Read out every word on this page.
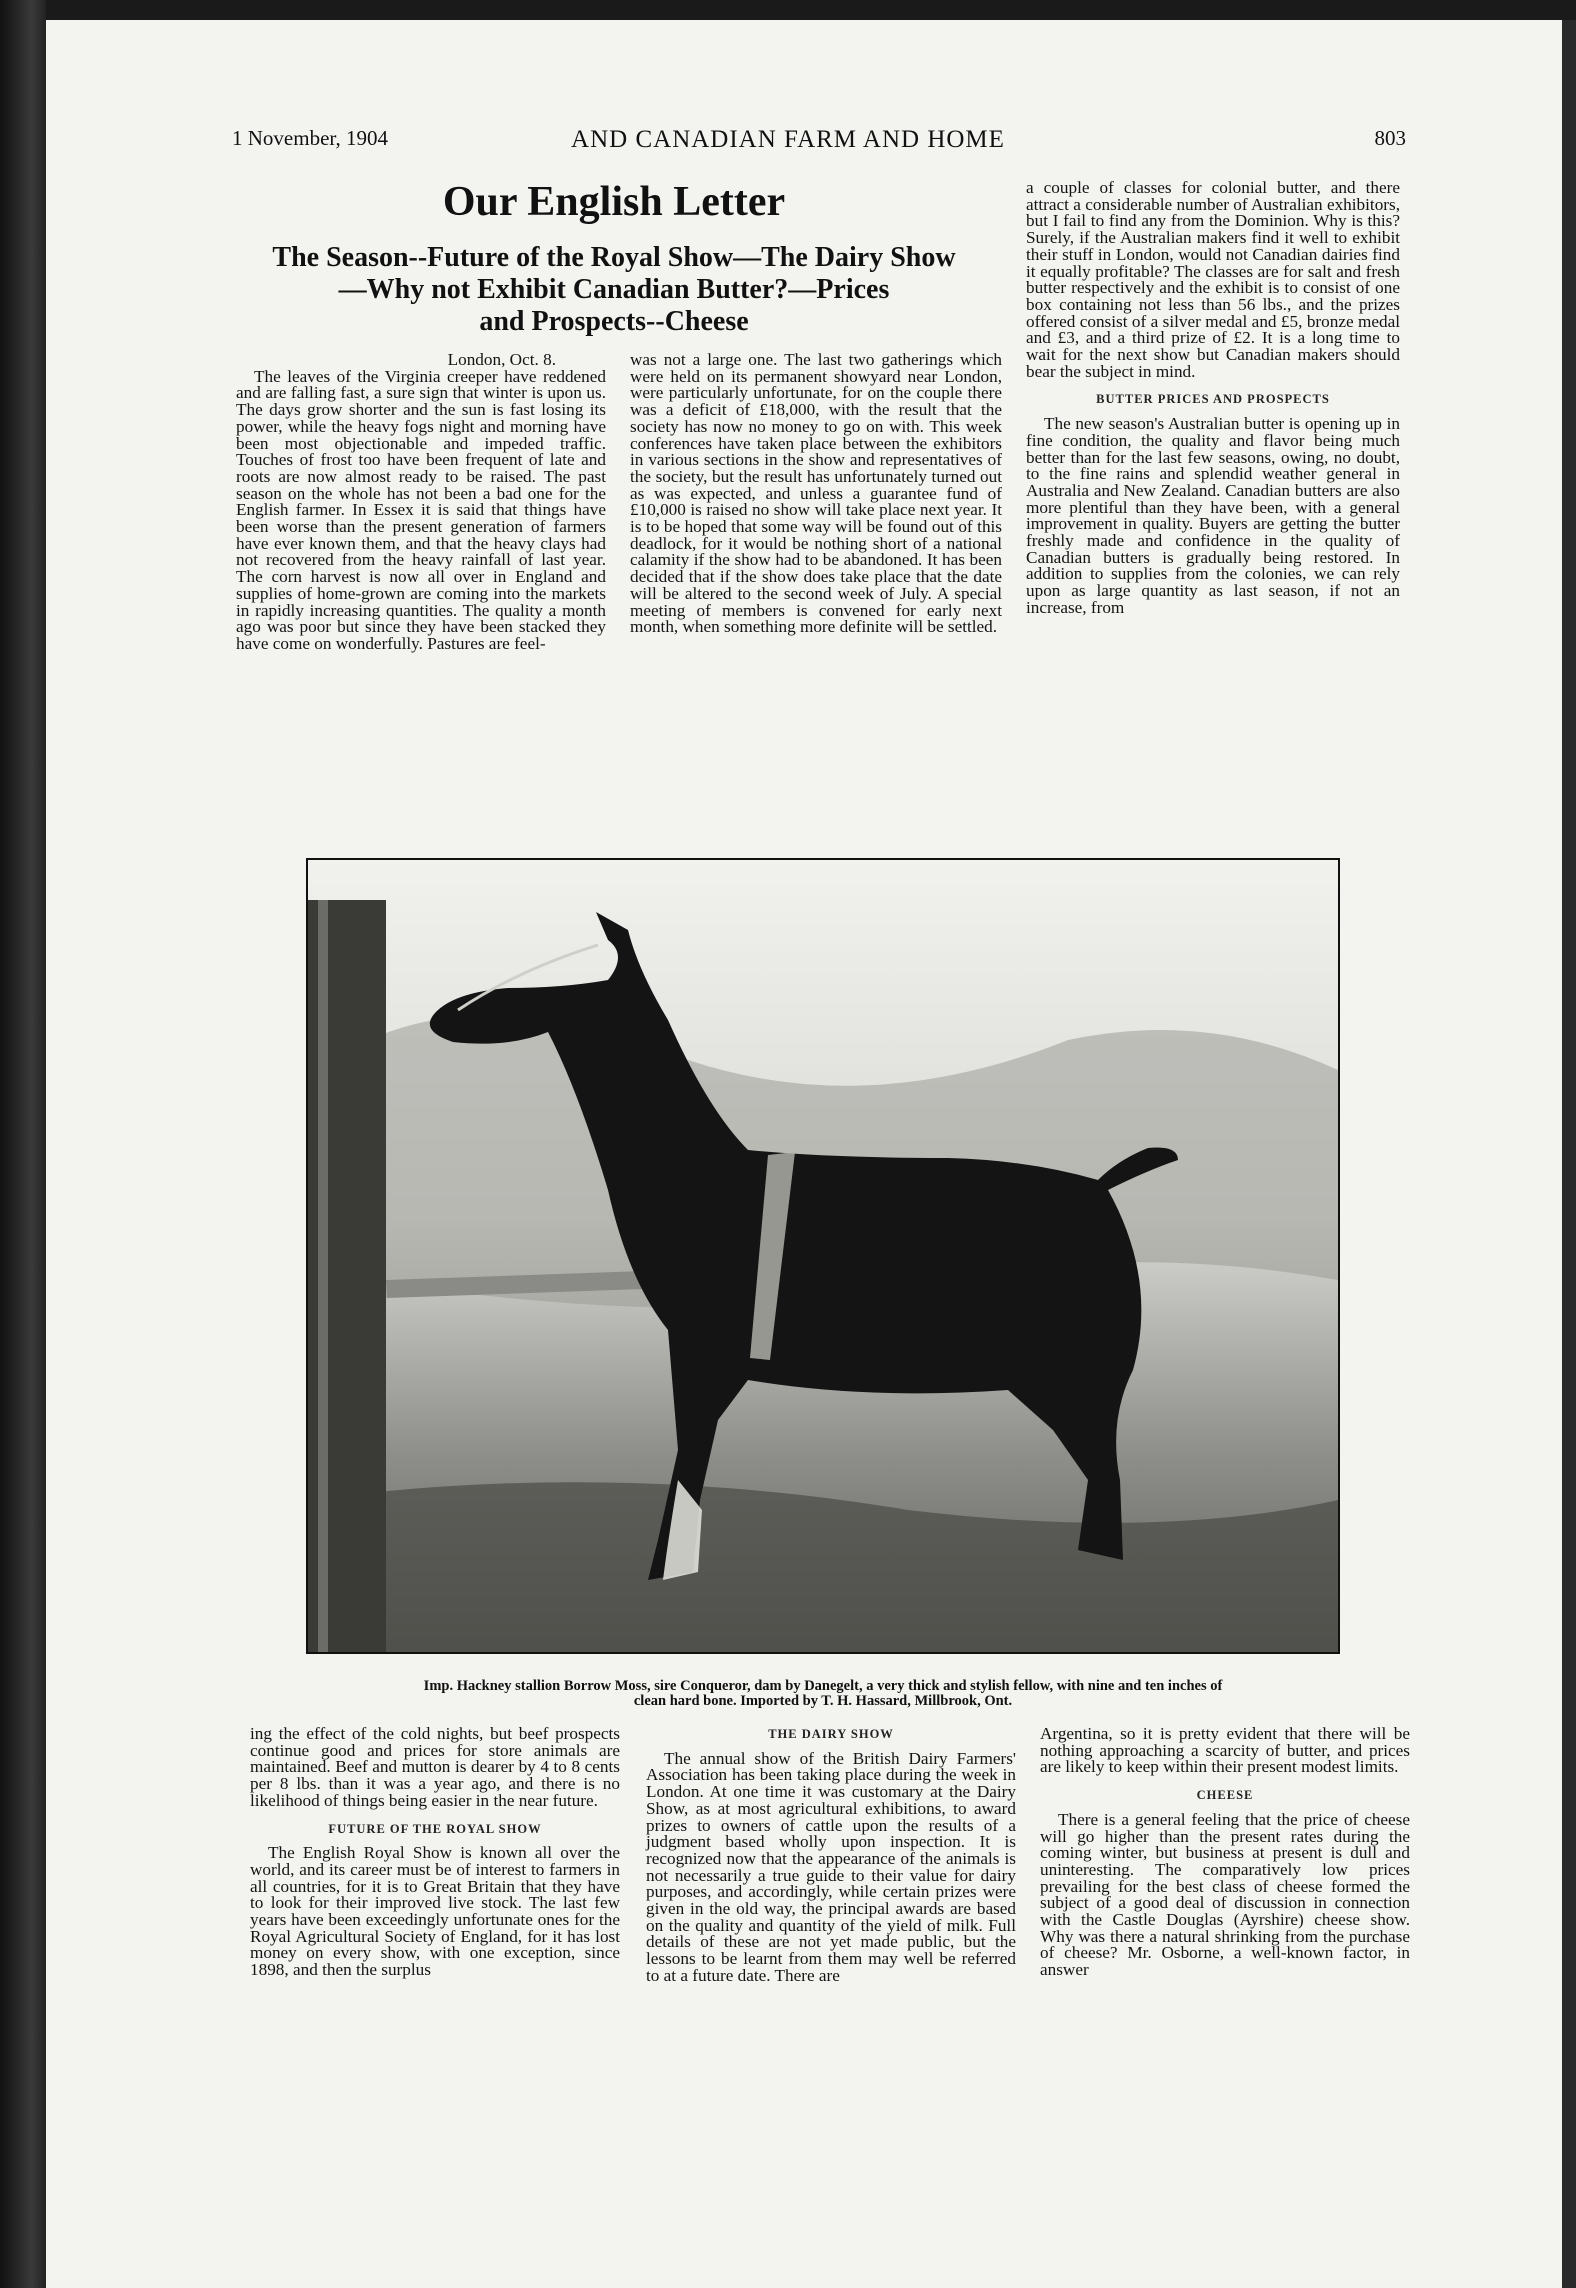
1 November, 1904	AND CANADIAN FARM AND HOME	803
Our English Letter
The Season--Future of the Royal Show—The Dairy Show
—Why not Exhibit Canadian Butter?—Prices
and Prospects--Cheese

London, Oct. 8.

The leaves of the Virginia creeper have reddened and are falling fast, a sure sign that winter is upon us. The days grow shorter and the sun is fast losing its power, while the heavy fogs night and morning have been most objectionable and impeded traffic. Touches of frost too have been frequent of late and roots are now almost ready to be raised. The past season on the whole has not been a bad one for the English farmer. In Essex it is said that things have been worse than the present generation of farmers have ever known them, and that the heavy clays had not recovered from the heavy rainfall of last year. The corn harvest is now all over in England and supplies of home-grown are coming into the markets in rapidly increasing quantities. The quality a month ago was poor but since they have been stacked they have come on wonderfully. Pastures are feel-

was not a large one. The last two gatherings which were held on its permanent showyard near London, were particularly unfortunate, for on the couple there was a deficit of £18,000, with the result that the society has now no money to go on with. This week conferences have taken place between the exhibitors in various sections in the show and representatives of the society, but the result has unfortunately turned out as was expected, and unless a guarantee fund of £10,000 is raised no show will take place next year. It is to be hoped that some way will be found out of this deadlock, for it would be nothing short of a national calamity if the show had to be abandoned. It has been decided that if the show does take place that the date will be altered to the second week of July. A special meeting of members is convened for early next month, when something more definite will be settled.

a couple of classes for colonial butter, and there attract a considerable number of Australian exhibitors, but I fail to find any from the Dominion. Why is this? Surely, if the Australian makers find it well to exhibit their stuff in London, would not Canadian dairies find it equally profitable? The classes are for salt and fresh butter respectively and the exhibit is to consist of one box containing not less than 56 lbs., and the prizes offered consist of a silver medal and £5, bronze medal and £3, and a third prize of £2. It is a long time to wait for the next show but Canadian makers should bear the subject in mind.

BUTTER PRICES AND PROSPECTS

The new season's Australian butter is opening up in fine condition, the quality and flavor being much better than for the last few seasons, owing, no doubt, to the fine rains and splendid weather general in Australia and New Zealand. Canadian butters are also more plentiful than they have been, with a general improvement in quality. Buyers are getting the butter freshly made and confidence in the quality of Canadian butters is gradually being restored. In addition to supplies from the colonies, we can rely upon as large quantity as last season, if not an increase, from

Imp. Hackney stallion Borrow Moss, sire Conqueror, dam by Danegelt, a very thick and stylish fellow, with nine and ten inches of
clean hard bone. Imported by T. H. Hassard, Millbrook, Ont.

ing the effect of the cold nights, but beef prospects continue good and prices for store animals are maintained. Beef and mutton is dearer by 4 to 8 cents per 8 lbs. than it was a year ago, and there is no likelihood of things being easier in the near future.

FUTURE OF THE ROYAL SHOW

The English Royal Show is known all over the world, and its career must be of interest to farmers in all countries, for it is to Great Britain that they have to look for their improved live stock. The last few years have been exceedingly unfortunate ones for the Royal Agricultural Society of England, for it has lost money on every show, with one exception, since 1898, and then the surplus

THE DAIRY SHOW

The annual show of the British Dairy Farmers' Association has been taking place during the week in London. At one time it was customary at the Dairy Show, as at most agricultural exhibitions, to award prizes to owners of cattle upon the results of a judgment based wholly upon inspection. It is recognized now that the appearance of the animals is not necessarily a true guide to their value for dairy purposes, and accordingly, while certain prizes were given in the old way, the principal awards are based on the quality and quantity of the yield of milk. Full details of these are not yet made public, but the lessons to be learnt from them may well be referred to at a future date. There are

Argentina, so it is pretty evident that there will be nothing approaching a scarcity of butter, and prices are likely to keep within their present modest limits.

CHEESE

There is a general feeling that the price of cheese will go higher than the present rates during the coming winter, but business at present is dull and uninteresting. The comparatively low prices prevailing for the best class of cheese formed the subject of a good deal of discussion in connection with the Castle Douglas (Ayrshire) cheese show. Why was there a natural shrinking from the purchase of cheese? Mr. Osborne, a well-known factor, in answer
